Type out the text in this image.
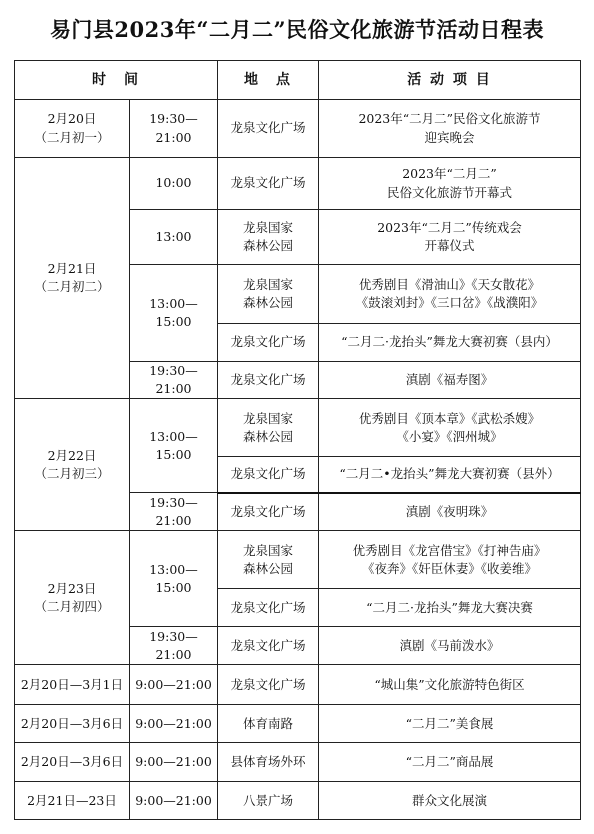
易门县2023年“二月二”民俗文化旅游节活动日程表
时　间		地　点	活 动 项 目

2月20日
（二月初一）	19:30—21:00	龙泉文化广场	2023年“二月二”民俗文化旅游节
迎宾晚会

2月21日
（二月初二）	10:00	龙泉文化广场	2023年“二月二”
民俗文化旅游节开幕式

	13:00	龙泉国家
森林公园	2023年“二月二”传统戏会
开幕仪式

	13:00—15:00	龙泉国家
森林公园	优秀剧目《滑油山》《天女散花》
《鼓滚刘封》《三口岔》《战濮阳》

		龙泉文化广场	“二月二·龙抬头”舞龙大赛初赛（县内）

	19:30—21:00	龙泉文化广场	滇剧《福寿图》

2月22日
（二月初三）	13:00—15:00	龙泉国家
森林公园	优秀剧目《顶本章》《武松杀嫂》
《小宴》《泗州城》

		龙泉文化广场	“二月二•龙抬头”舞龙大赛初赛（县外）

	19:30—21:00	龙泉文化广场	滇剧《夜明珠》

2月23日
（二月初四）	13:00—15:00	龙泉国家
森林公园	优秀剧目《龙宫借宝》《打神告庙》
《夜奔》《奸臣休妻》《收姜维》

		龙泉文化广场	“二月二·龙抬头”舞龙大赛决赛

	19:30—21:00	龙泉文化广场	滇剧《马前泼水》

2月20日—3月1日	9:00—21:00	龙泉文化广场	“城山集”文化旅游特色街区

2月20日—3月6日	9:00—21:00	体育南路	“二月二”美食展

2月20日—3月6日	9:00—21:00	县体育场外环	“二月二”商品展

2月21日—23日	9:00—21:00	八景广场	群众文化展演
